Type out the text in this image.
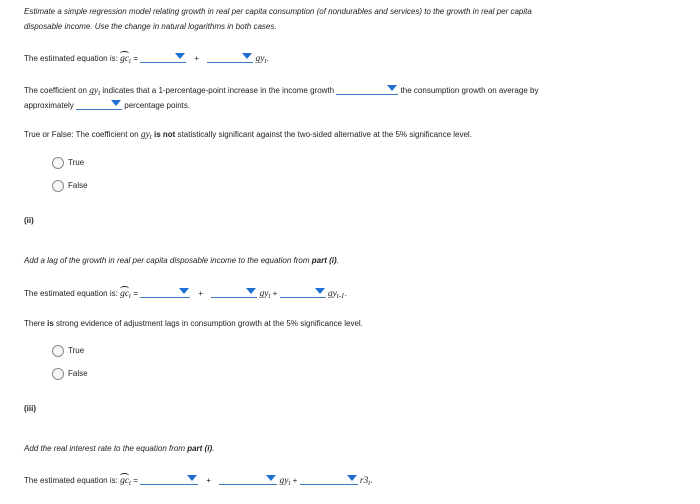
Estimate a simple regression model relating growth in real per capita consumption (of nondurables and services) to the growth in real per capita
disposable income. Use the change in natural logarithms in both cases.
The estimated equation is: $gc_t$ =	+	$gy_t$.
The coefficient on $gy_t$ indicates that a 1-percentage-point increase in the income growth	the consumption growth on average by
approximately	percentage points.
True or False: The coefficient on $gy_t$ is not statistically significant against the two-sided alternative at the 5% significance level.
True
False
(ii)
Add a lag of the growth in real per capita disposable income to the equation from part (i).
The estimated equation is: $gc_t$ =	+	$gy_t$ +	$gy_{t-1}$.
There is strong evidence of adjustment lags in consumption growth at the 5% significance level.
True
False
(iii)
Add the real interest rate to the equation from part (i).
The estimated equation is: $gc_t$ =	+	$gy_t$ +	$r3_t$.
